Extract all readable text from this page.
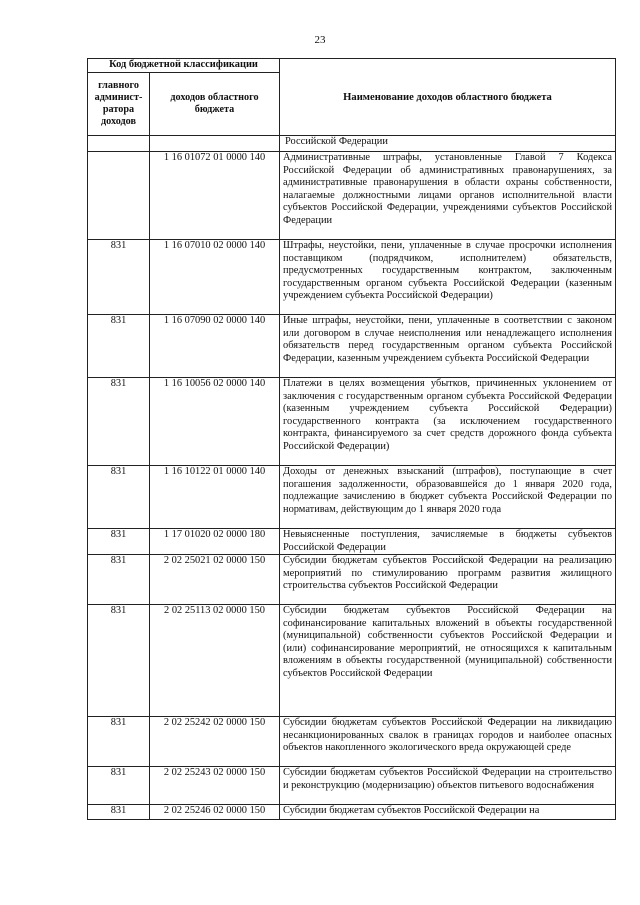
23
Код бюджетной классификации		Наименование доходов областного бюджета
главного админист-ратора доходов	доходов областного бюджета	
		Российской Федерации
	1 16 01072 01 0000 140	Административные штрафы, установленные Главой 7 Кодекса Российской Федерации об административных правонарушениях, за административные правонарушения в области охраны собственности, налагаемые должностными лицами органов исполнительной власти субъектов Российской Федерации, учреждениями субъектов Российской Федерации
831	1 16 07010 02 0000 140	Штрафы, неустойки, пени, уплаченные в случае просрочки исполнения поставщиком (подрядчиком, исполнителем) обязательств, предусмотренных государственным контрактом, заключенным государственным органом субъекта Российской Федерации (казенным учреждением субъекта Российской Федерации)
831	1 16 07090 02 0000 140	Иные штрафы, неустойки, пени, уплаченные в соответствии с законом или договором в случае неисполнения или ненадлежащего исполнения обязательств перед государственным органом субъекта Российской Федерации, казенным учреждением субъекта Российской Федерации
831	1 16 10056 02 0000 140	Платежи в целях возмещения убытков, причиненных уклонением от заключения с государственным органом субъекта Российской Федерации (казенным учреждением субъекта Российской Федерации) государственного контракта (за исключением государственного контракта, финансируемого за счет средств дорожного фонда субъекта Российской Федерации)
831	1 16 10122 01 0000 140	Доходы от денежных взысканий (штрафов), поступающие в счет погашения задолженности, образовавшейся до 1 января 2020 года, подлежащие зачислению в бюджет субъекта Российской Федерации по нормативам, действующим до 1 января 2020 года
831	1 17 01020 02 0000 180	Невыясненные поступления, зачисляемые в бюджеты субъектов Российской Федерации
831	2 02 25021 02 0000 150	Субсидии бюджетам субъектов Российской Федерации на реализацию мероприятий по стимулированию программ развития жилищного строительства субъектов Российской Федерации
831	2 02 25113 02 0000 150	Субсидии бюджетам субъектов Российской Федерации на софинансирование капитальных вложений в объекты государственной (муниципальной) собственности субъектов Российской Федерации и (или) софинансирование мероприятий, не относящихся к капитальным вложениям в объекты государственной (муниципальной) собственности субъектов Российской Федерации
831	2 02 25242 02 0000 150	Субсидии бюджетам субъектов Российской Федерации на ликвидацию несанкционированных свалок в границах городов и наиболее опасных объектов накопленного экологического вреда окружающей среде
831	2 02 25243 02 0000 150	Субсидии бюджетам субъектов Российской Федерации на строительство и реконструкцию (модернизацию) объектов питьевого водоснабжения
831	2 02 25246 02 0000 150	Субсидии бюджетам субъектов Российской Федерации на
